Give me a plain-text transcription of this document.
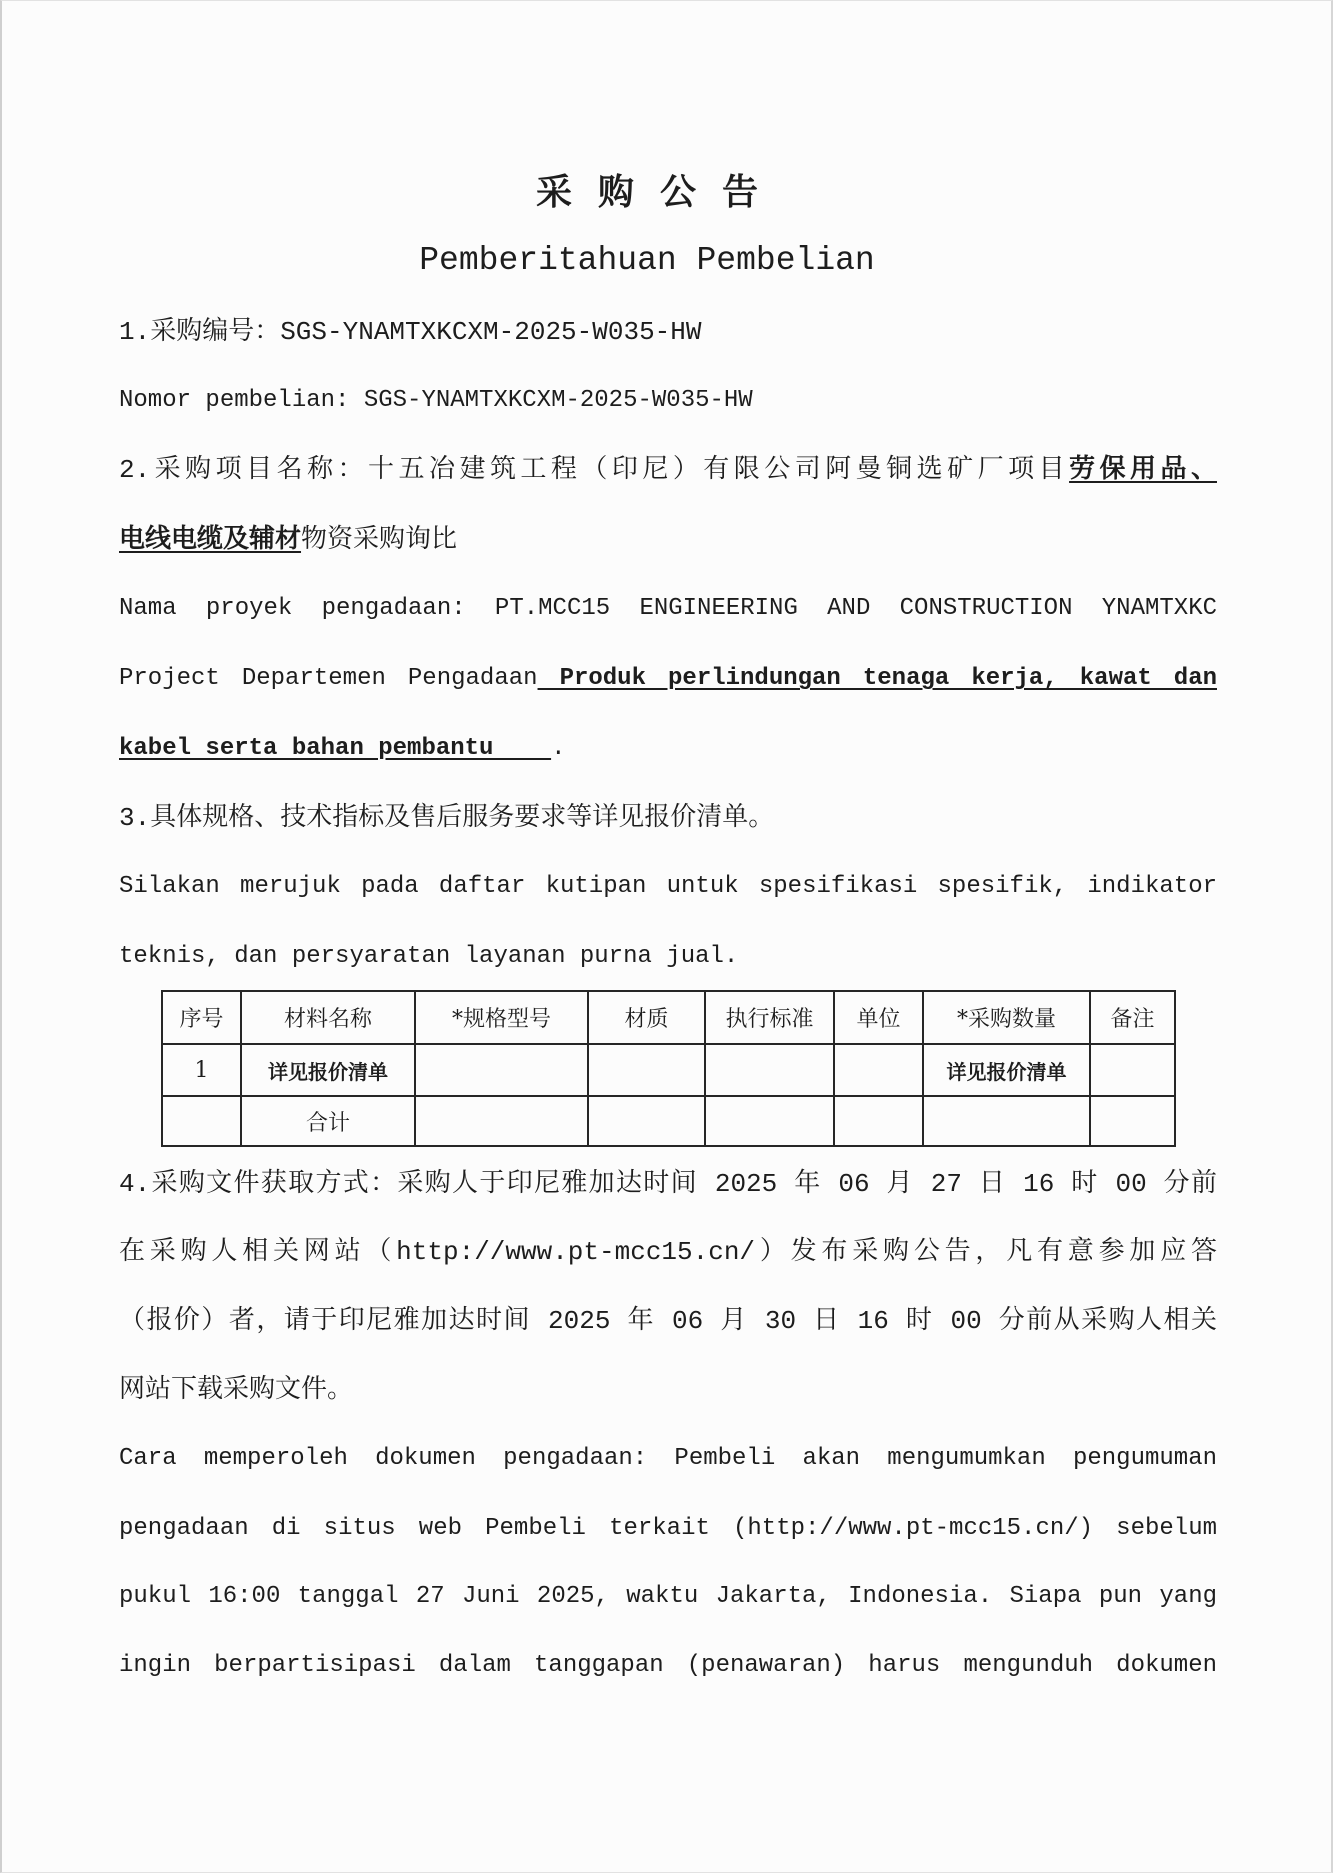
采购公告
Pemberitahuan Pembelian
1.采购编号：SGS-YNAMTXKCXM-2025-W035-HW
Nomor pembelian: SGS-YNAMTXKCXM-2025-W035-HW
2.采购项目名称：十五冶建筑工程（印尼）有限公司阿曼铜选矿厂项目劳保用品、
电线电缆及辅材物资采购询比
Nama proyek pengadaan: PT.MCC15 ENGINEERING AND CONSTRUCTION YNAMTXKC
Project Departemen Pengadaan Produk perlindungan tenaga kerja, kawat dan
kabel serta bahan pembantu    .
3.具体规格、技术指标及售后服务要求等详见报价清单。
Silakan merujuk pada daftar kutipan untuk spesifikasi spesifik, indikator
teknis, dan persyaratan layanan purna jual.
序号	材料名称	*规格型号	材质	执行标准	单位	*采购数量	备注
1	详见报价清单					详见报价清单	
	合计						
4.采购文件获取方式：采购人于印尼雅加达时间 2025 年 06 月 27 日 16 时 00 分前
在采购人相关网站（http://www.pt-mcc15.cn/）发布采购公告，凡有意参加应答
（报价）者，请于印尼雅加达时间 2025 年 06 月 30 日 16 时 00 分前从采购人相关
网站下载采购文件。
Cara memperoleh dokumen pengadaan: Pembeli akan mengumumkan pengumuman
pengadaan di situs web Pembeli terkait (http://www.pt-mcc15.cn/) sebelum
pukul 16:00 tanggal 27 Juni 2025, waktu Jakarta, Indonesia. Siapa pun yang
ingin berpartisipasi dalam tanggapan (penawaran) harus mengunduh dokumen
